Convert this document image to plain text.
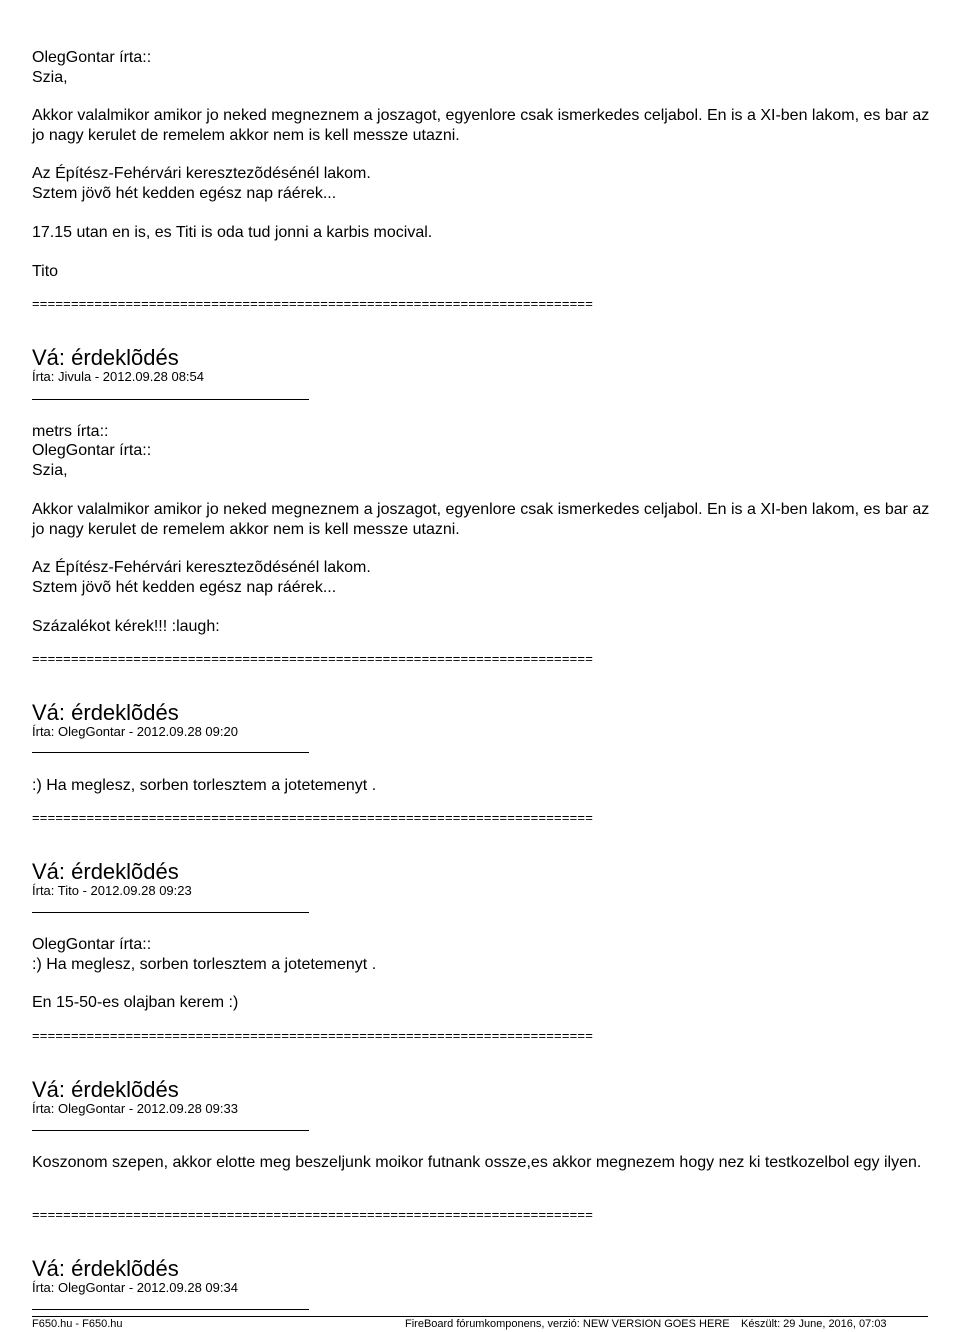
OlegGontar írta::
Szia,
Akkor valalmikor amikor jo neked megneznem a joszagot, egyenlore csak ismerkedes celjabol. En is a XI-ben lakom, es bar az jo nagy kerulet de remelem akkor nem is kell messze utazni.
Az Építész-Fehérvári keresztezõdésénél lakom.
Sztem jövõ hét kedden egész nap ráérek...
17.15 utan en is, es Titi is oda tud jonni a karbis mocival.
Tito
========================================================================
Vá: érdeklõdés
Írta: Jivula - 2012.09.28 08:54
metrs írta::
OlegGontar írta::
Szia,
Akkor valalmikor amikor jo neked megneznem a joszagot, egyenlore csak ismerkedes celjabol. En is a XI-ben lakom, es bar az jo nagy kerulet de remelem akkor nem is kell messze utazni.
Az Építész-Fehérvári keresztezõdésénél lakom.
Sztem jövõ hét kedden egész nap ráérek...
Százalékot kérek!!! :laugh:
========================================================================
Vá: érdeklõdés
Írta: OlegGontar - 2012.09.28 09:20
:) Ha meglesz, sorben torlesztem a jotetemenyt .
========================================================================
Vá: érdeklõdés
Írta: Tito - 2012.09.28 09:23
OlegGontar írta::
:) Ha meglesz, sorben torlesztem a jotetemenyt .
En 15-50-es olajban kerem :)
========================================================================
Vá: érdeklõdés
Írta: OlegGontar - 2012.09.28 09:33
Koszonom szepen, akkor elotte meg beszeljunk moikor futnank ossze,es akkor megnezem hogy nez ki testkozelbol egy ilyen.
========================================================================
Vá: érdeklõdés
Írta: OlegGontar - 2012.09.28 09:34
F650.hu - F650.hu	FireBoard fórumkomponens, verzió: NEW VERSION GOES HERE Készült: 29 June, 2016, 07:03
